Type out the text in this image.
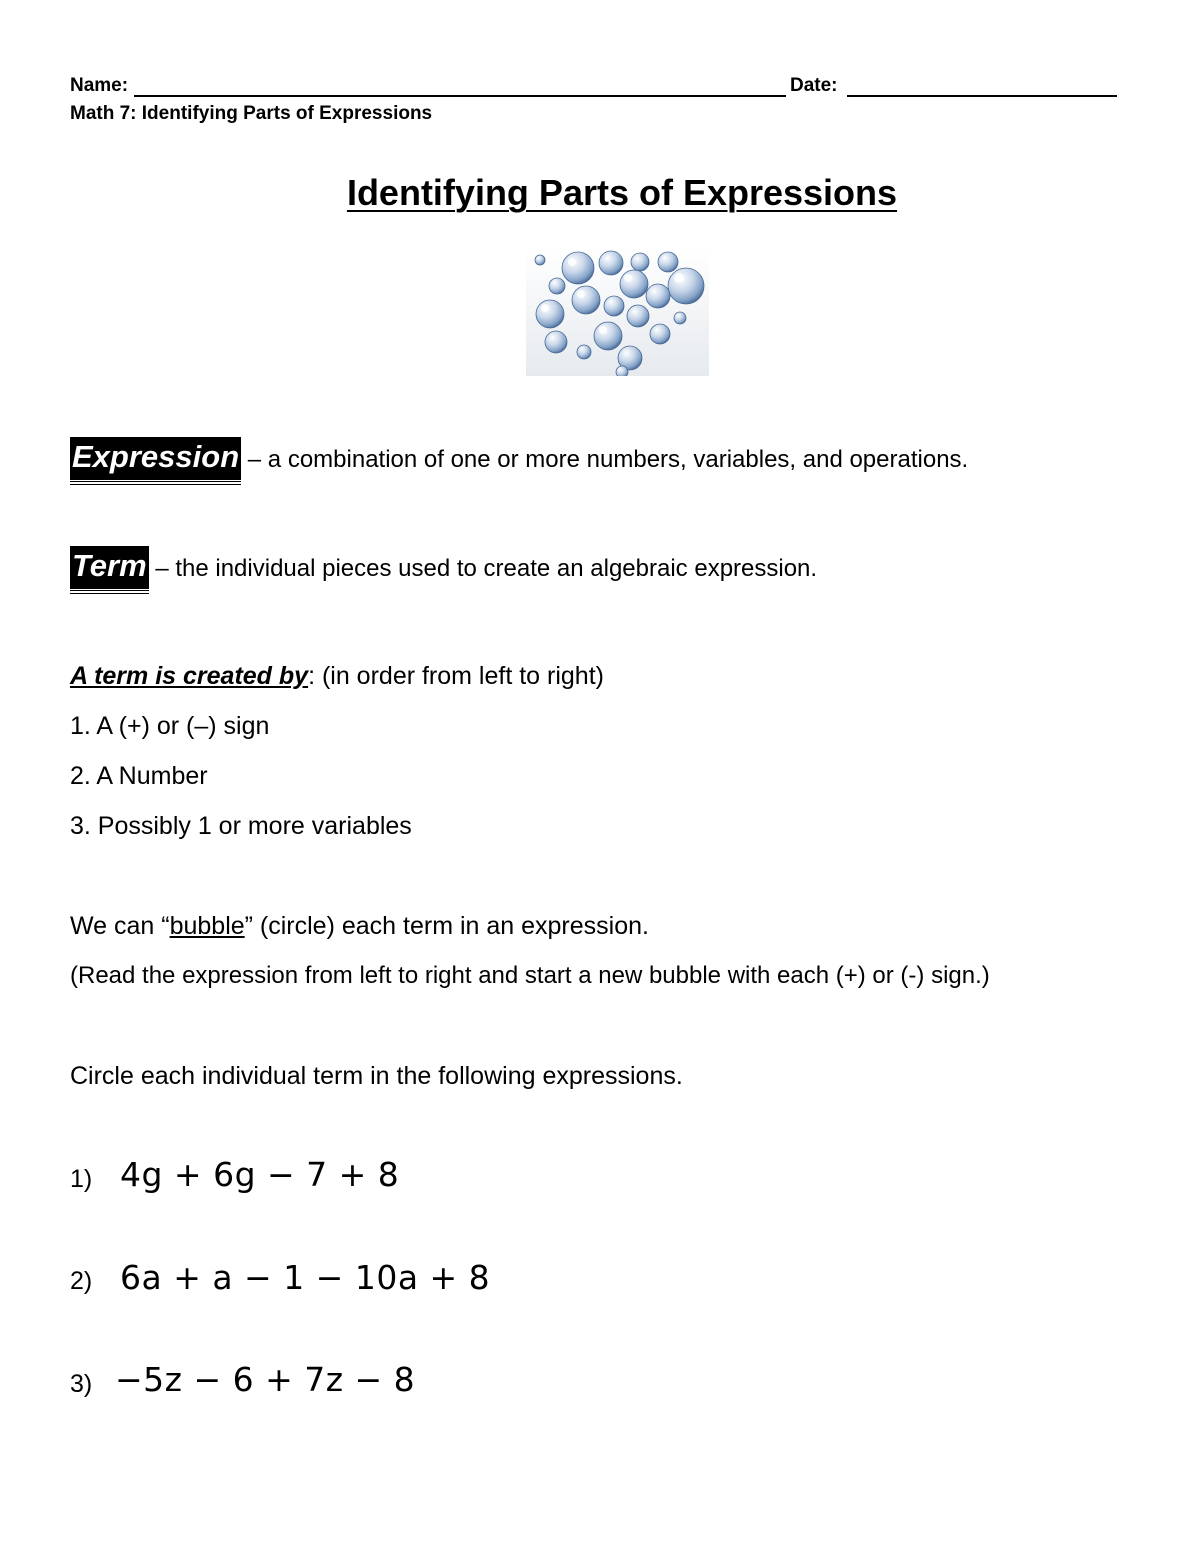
Name:	Date:
Math 7: Identifying Parts of Expressions
Identifying Parts of Expressions
Expression – a combination of one or more numbers, variables, and operations.
Term – the individual pieces used to create an algebraic expression.
A term is created by: (in order from left to right)
1. A (+) or (–) sign
2. A Number
3. Possibly 1 or more variables
We can “bubble” (circle) each term in an expression.
(Read the expression from left to right and start a new bubble with each (+) or (-) sign.)
Circle each individual term in the following expressions.
1) 4g + 6g − 7 + 8
2) 6a + a − 1 − 10a + 8
3) −5z − 6 + 7z − 8
